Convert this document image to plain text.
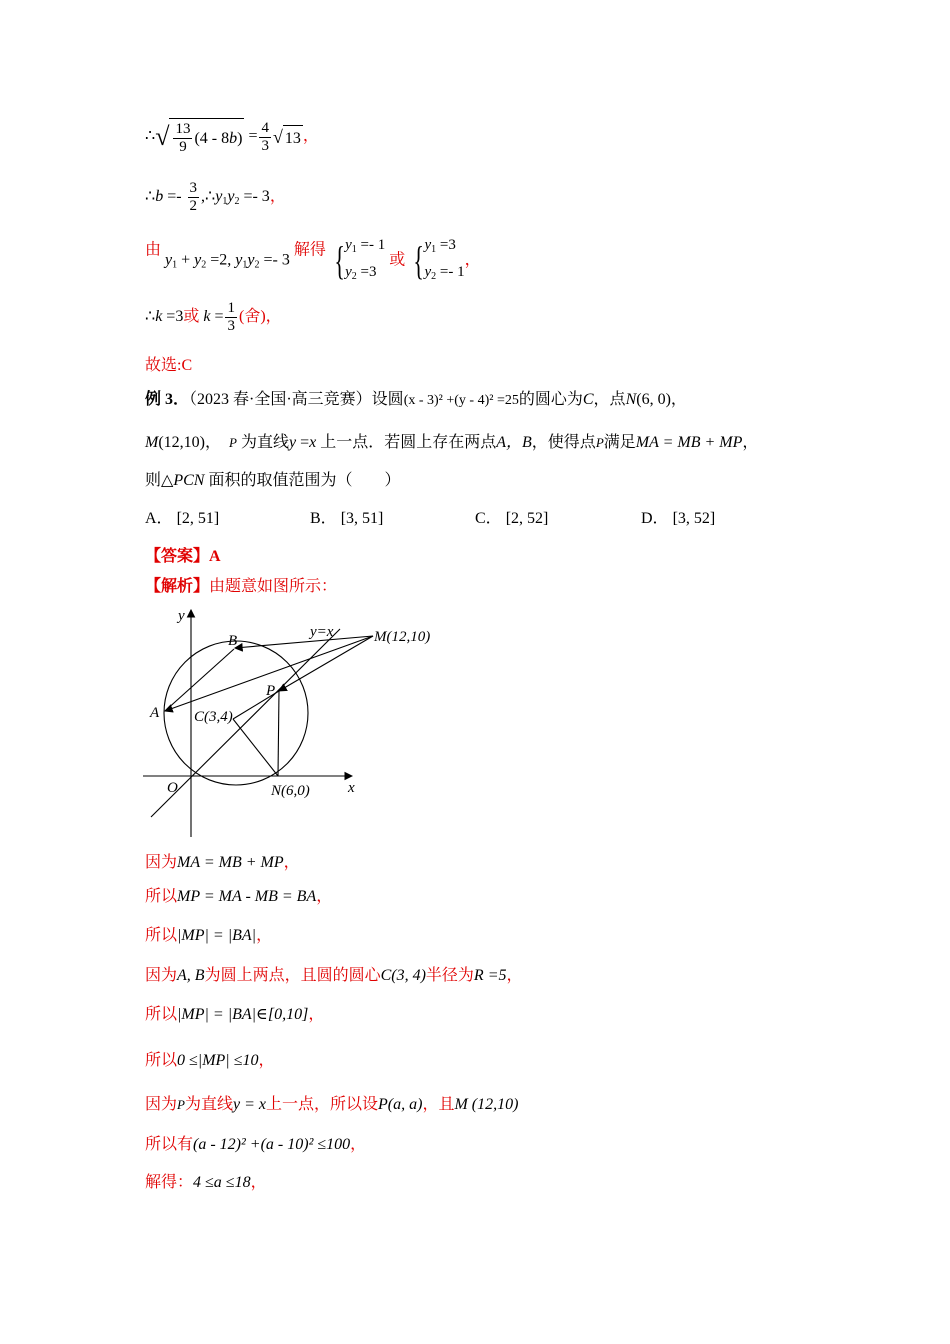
∴ √ $\frac{13}{9} (4 - 8$ b ) = $\frac{4}{3}$ √ 13 ，
∴b =- $\frac{3}{2}$ $,\therefore y_1y_2 =- 3$，
由 $y_1 + y_2 =2$, $y_1y_2 =- 3$ 解得 { $y_1 =- 1$
$y_2 =3$
或 { $y_1 =3$
$y_2 =- 1$
，
∴k =3或 $k = \frac{1}{3}$ (舍)，
故选:C
例 3．（2023 春·全国·高三竞赛）设圆(x - 3)² +(y - 4)² =25的圆心为C，点N(6, 0)，
M(12,10)， P 为直线y =x 上一点．若圆上存在两点A，B，使得点P满足MA = MB + MP，
则△PCN 面积的取值范围为（　　）
A． [2, 51]	B． [3, 51]	C． [2, 52]	D． [3, 52]
【答案】A
【解析】由题意如图所示：
y
x
O
B
A
P
C(3,4)
N(6,0)
M(12,10)
y=x
因为MA = MB + MP，
所以MP = MA - MB = BA，
所以|MP| = |BA|，
因为A, B为圆上两点，且圆的圆心C(3, 4)半径为R =5，
所以|MP| = |BA|∈[0,10]，
所以0 ≤|MP| ≤10，
因为P为直线y = x上一点，所以设P(a, a)，且M (12,10)
所以有(a - 12)² +(a - 10)² ≤100，
解得：4 ≤a ≤18，
